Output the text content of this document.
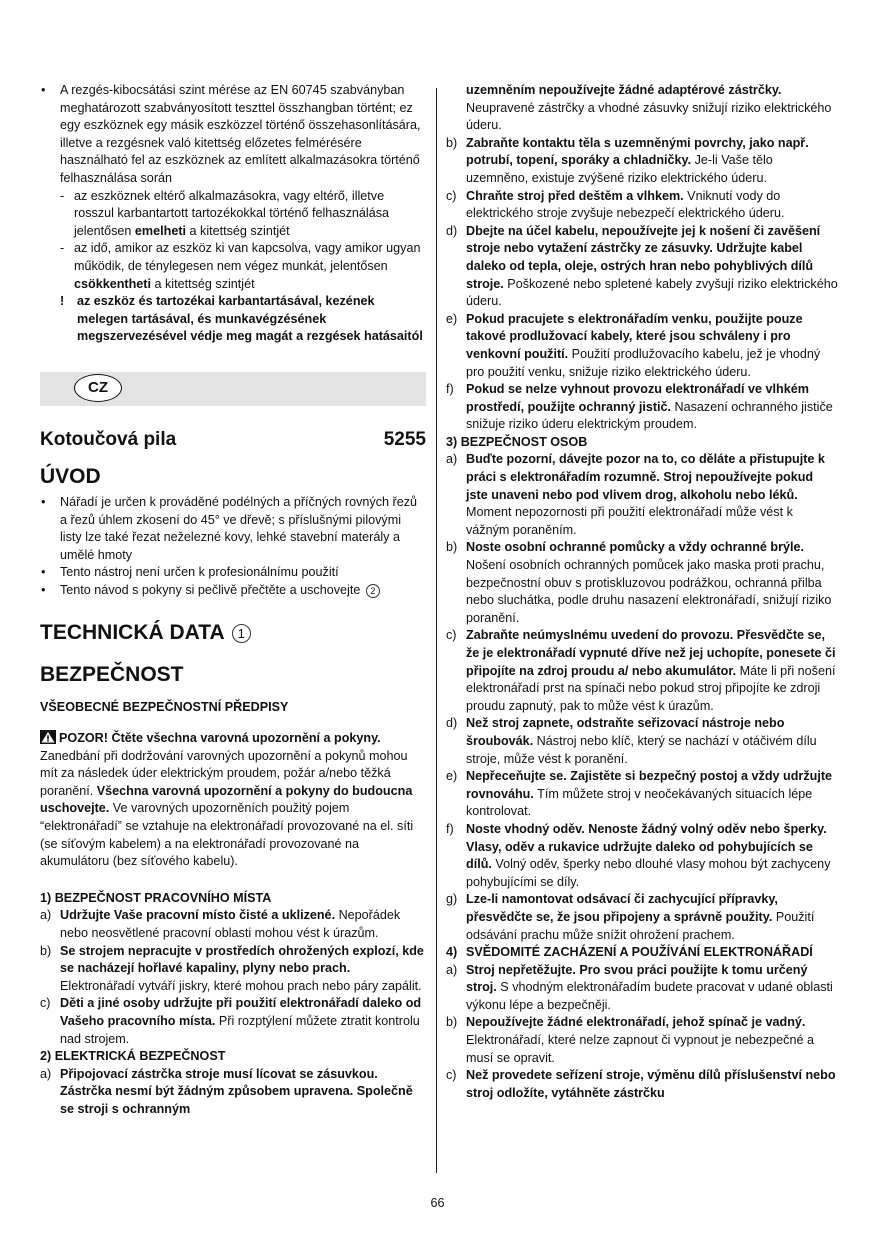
• A rezgés-kibocsátási szint mérése az EN 60745 szabványban meghatározott szabványosított teszttel összhangban történt; ez egy eszköznek egy másik eszközzel történő összehasonlítására, illetve a rezgésnek való kitettség előzetes felmérésére használható fel az eszköznek az említett alkalmazásokra történő felhasználása során
- az eszköznek eltérő alkalmazásokra, vagy eltérő, illetve rosszul karbantartott tartozékokkal történő felhasználása jelentősen emelheti a kitettség szintjét
- az idő, amikor az eszköz ki van kapcsolva, vagy amikor ugyan működik, de ténylegesen nem végez munkát, jelentősen csökkentheti a kitettség szintjét
! az eszköz és tartozékai karbantartásával, kezének melegen tartásával, és munkavégzésének megszervezésével védje meg magát a rezgések hatásaitól
CZ
Kotoučová pila	5255
ÚVOD
• Nářadí je určen k prováděné podélných a příčných rovných řezů a řezů úhlem zkosení do 45° ve dřevě; s příslušnými pilovými listy lze také řezat neželezné kovy, lehké stavební materály a umělé hmoty
• Tento nástroj není určen k profesionálnímu použití
• Tento návod s pokyny si pečlivě přečtěte a uschovejte 2
TECHNICKÁ DATA 1
BEZPEČNOST
VŠEOBECNÉ BEZPEČNOSTNÍ PŘEDPISY
POZOR! Čtěte všechna varovná upozornění a pokyny. Zanedbání při dodržování varovných upozornění a pokynů mohou mít za následek úder elektrickým proudem, požár a/nebo těžká poranění. Všechna varovná upozornění a pokyny do budoucna uschovejte. Ve varovných upozorněních použitý pojem “elektronářadí” se vztahuje na elektronářadí provozované na el. síti (se síťovým kabelem) a na elektronářadí provozované na akumulátoru (bez síťového kabelu).
1) BEZPEČNOST PRACOVNÍHO MÍSTA
a) Udržujte Vaše pracovní místo čisté a uklizené. Nepořádek nebo neosvětlené pracovní oblasti mohou vést k úrazům.
b) Se strojem nepracujte v prostředích ohrožených explozí, kde se nacházejí hořlavé kapaliny, plyny nebo prach. Elektronářadí vytváří jiskry, které mohou prach nebo páry zapálit.
c) Děti a jiné osoby udržujte při použití elektronářadí daleko od Vašeho pracovního místa. Při rozptýlení můžete ztratit kontrolu nad strojem.
2) ELEKTRICKÁ BEZPEČNOST
a) Připojovací zástrčka stroje musí lícovat se zásuvkou. Zástrčka nesmí být žádným způsobem upravena. Společně se stroji s ochranným
uzemněním nepoužívejte žádné adaptérové zástrčky. Neupravené zástrčky a vhodné zásuvky snižují riziko elektrického úderu.
b) Zabraňte kontaktu těla s uzemněnými povrchy, jako např. potrubí, topení, sporáky a chladničky. Je-li Vaše tělo uzemněno, existuje zvýšené riziko elektrického úderu.
c) Chraňte stroj před deštěm a vlhkem. Vniknutí vody do elektrického stroje zvyšuje nebezpečí elektrického úderu.
d) Dbejte na účel kabelu, nepoužívejte jej k nošení či zavěšení stroje nebo vytažení zástrčky ze zásuvky. Udržujte kabel daleko od tepla, oleje, ostrých hran nebo pohyblivých dílů stroje. Poškozené nebo spletené kabely zvyšují riziko elektrického úderu.
e) Pokud pracujete s elektronářadím venku, použijte pouze takové prodlužovací kabely, které jsou schváleny i pro venkovní použití. Použití prodlužovacího kabelu, jež je vhodný pro použití venku, snižuje riziko elektrického úderu.
f) Pokud se nelze vyhnout provozu elektronářadí ve vlhkém prostředí, použijte ochranný jistič. Nasazení ochranného jističe snižuje riziko úderu elektrickým proudem.
3) BEZPEČNOST OSOB
a) Buďte pozorní, dávejte pozor na to, co děláte a přistupujte k práci s elektronářadím rozumně. Stroj nepoužívejte pokud jste unaveni nebo pod vlivem drog, alkoholu nebo léků. Moment nepozornosti při použití elektronářadí může vést k vážným poraněním.
b) Noste osobní ochranné pomůcky a vždy ochranné brýle. Nošení osobních ochranných pomůcek jako maska proti prachu, bezpečnostní obuv s protiskluzovou podrážkou, ochranná přilba nebo sluchátka, podle druhu nasazení elektronářadí, snižují riziko poranění.
c) Zabraňte neúmyslnému uvedení do provozu. Přesvědčte se, že je elektronářadí vypnuté dříve než jej uchopíte, ponesete či připojíte na zdroj proudu a/ nebo akumulátor. Máte li při nošení elektronářadí prst na spínači nebo pokud stroj připojíte ke zdroji proudu zapnutý, pak to může vést k úrazům.
d) Než stroj zapnete, odstraňte seřizovací nástroje nebo šroubovák. Nástroj nebo klíč, který se nachází v otáčivém dílu stroje, může vést k poranění.
e) Nepřeceňujte se. Zajistěte si bezpečný postoj a vždy udržujte rovnováhu. Tím můžete stroj v neočekávaných situacích lépe kontrolovat.
f) Noste vhodný oděv. Nenoste žádný volný oděv nebo šperky. Vlasy, oděv a rukavice udržujte daleko od pohybujících se dílů. Volný oděv, šperky nebo dlouhé vlasy mohou být zachyceny pohybujícími se díly.
g) Lze-li namontovat odsávací či zachycující přípravky, přesvědčte se, že jsou připojeny a správně použity. Použití odsávání prachu může snížit ohrožení prachem.
4) SVĚDOMITÉ ZACHÁZENÍ A POUŽÍVÁNÍ ELEKTRONÁŘADÍ
a) Stroj nepřetěžujte. Pro svou práci použijte k tomu určený stroj. S vhodným elektronářadím budete pracovat v udané oblasti výkonu lépe a bezpečněji.
b) Nepoužívejte žádné elektronářadí, jehož spínač je vadný. Elektronářadí, které nelze zapnout či vypnout je nebezpečné a musí se opravit.
c) Než provedete seřízení stroje, výměnu dílů příslušenství nebo stroj odložíte, vytáhněte zástrčku
66
